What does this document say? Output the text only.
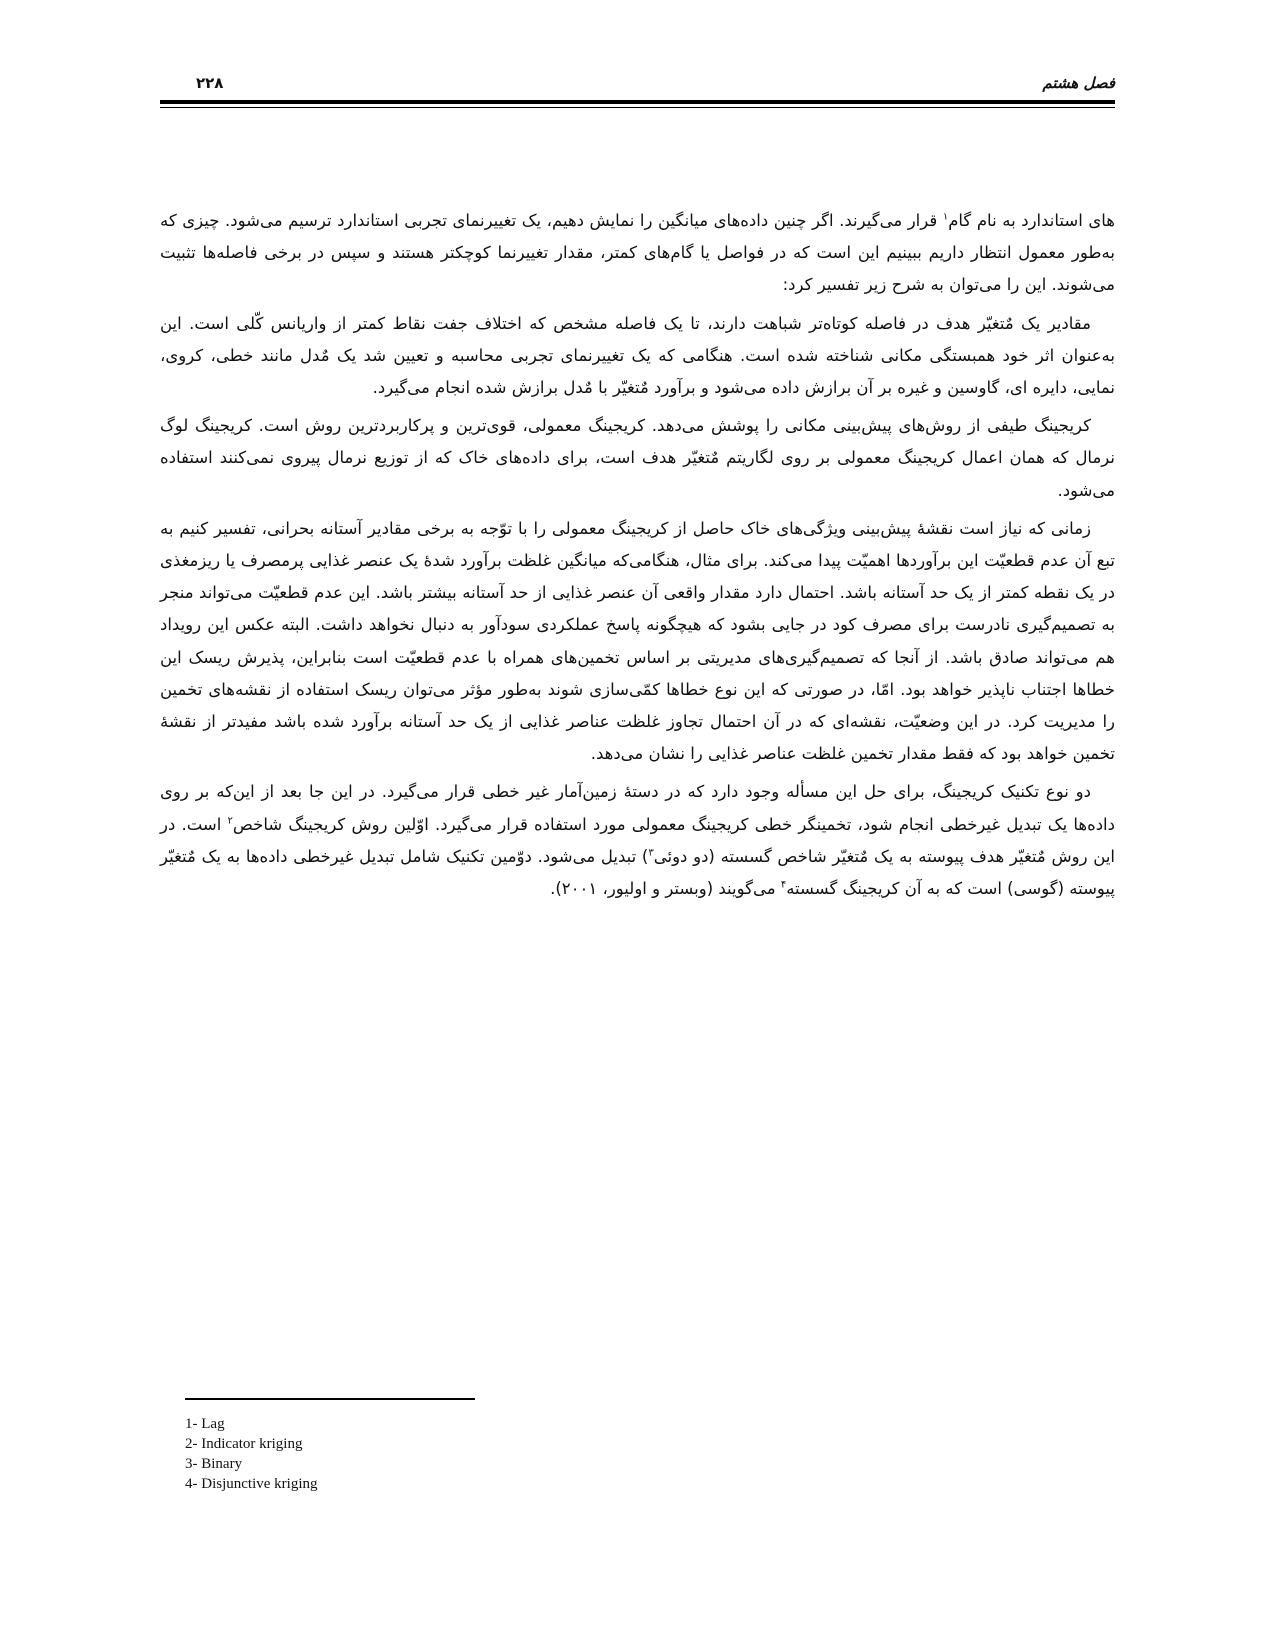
فصل هشتم
۲۲۸

های استاندارد به نام گام$^۱$ قرار می‌گیرند. اگر چنین داده‌های میانگین را نمایش دهیم، یک تغییرنمای تجربی استاندارد ترسیم می‌شود. چیزی که به‌طور معمول انتظار داریم ببینیم این است که در فواصل یا گام‌های کمتر، مقدار تغییرنما کوچکتر هستند و سپس در برخی فاصله‌ها تثبیت می‌شوند. این را می‌توان به شرح زیر تفسیر کرد:

مقادیر یک مٌتغیّر هدف در فاصله کوتاه‌تر شباهت دارند، تا یک فاصله مشخص که اختلاف جفت نقاط کمتر از واریانس کّلی است. این به‌عنوان اثر خود همبستگی مکانی شناخته شده است. هنگامی که یک تغییرنمای تجربی محاسبه و تعیین شد یک مٌدل مانند خطی، کروی، نمایی، دایره ای، گاوسین و غیره بر آن برازش داده می‌شود و برآورد مٌتغیّر با مٌدل برازش شده انجام می‌گیرد.

کریجینگ طیفی از روش‌های پیش‌بینی مکانی را پوشش می‌دهد. کریجینگ معمولی، قوی‌ترین و پرکاربردترین روش است. کریجینگ لوگ نرمال که همان اعمال کریجینگ معمولی بر روی لگاریتم مٌتغیّر هدف است، برای داده‌های خاک که از توزیع نرمال پیروی نمی‌کنند استفاده می‌شود.

زمانی که نیاز است نقشهٔ پیش‌بینی ویژگی‌های خاک حاصل از کریجینگ معمولی را با توّجه به برخی مقادیر آستانه بحرانی، تفسیر کنیم به تبع آن عدم قطعیّت این برآوردها اهمیّت پیدا می‌کند. برای مثال، هنگامی‌که میانگین غلظت برآورد شدهٔ یک عنصر غذایی پرمصرف یا ریزمغذی در یک نقطه کمتر از یک حد آستانه باشد. احتمال دارد مقدار واقعی آن عنصر غذایی از حد آستانه بیشتر باشد. این عدم قطعیّت می‌تواند منجر به تصمیم‌گیری نادرست برای مصرف کود در جایی بشود که هیچگونه پاسخ عملکردی سودآور به دنبال نخواهد داشت. البته عکس این رویداد هم می‌تواند صادق باشد. از آنجا که تصمیم‌گیری‌های مدیریتی بر اساس تخمین‌های همراه با عدم قطعیّت است بنابراین، پذیرش ریسک این خطاها اجتناب ناپذیر خواهد بود. امّا، در صورتی که این نوع خطاها کمّی‌سازی شوند به‌طور مؤثر می‌توان ریسک استفاده از نقشه‌های تخمین را مدیریت کرد. در این وضعیّت، نقشه‌ای که در آن احتمال تجاوز غلظت عناصر غذایی از یک حد آستانه برآورد شده باشد مفیدتر از نقشهٔ تخمین خواهد بود که فقط مقدار تخمین غلظت عناصر غذایی را نشان می‌دهد.

دو نوع تکنیک کریجینگ، برای حل این مسأله وجود دارد که در دستهٔ زمین‌آمار غیر خطی قرار می‌گیرد. در این جا بعد از این‌که بر روی داده‌ها یک تبدیل غیرخطی انجام شود، تخمینگر خطی کریجینگ معمولی مورد استفاده قرار می‌گیرد. اوّلین روش کریجینگ شاخص$^۲$ است. در این روش مٌتغیّر هدف پیوسته به یک مٌتغیّر شاخص گسسته (دو دوئی$^۳$) تبدیل می‌شود. دوّمین تکنیک شامل تبدیل غیرخطی داده‌ها به یک مٌتغیّر پیوسته (گوسی) است که به آن کریجینگ گسسته$^۴$ می‌گویند (وبستر و اولیور، ۲۰۰۱).

1- Lag
2- Indicator kriging
3- Binary
4- Disjunctive kriging
